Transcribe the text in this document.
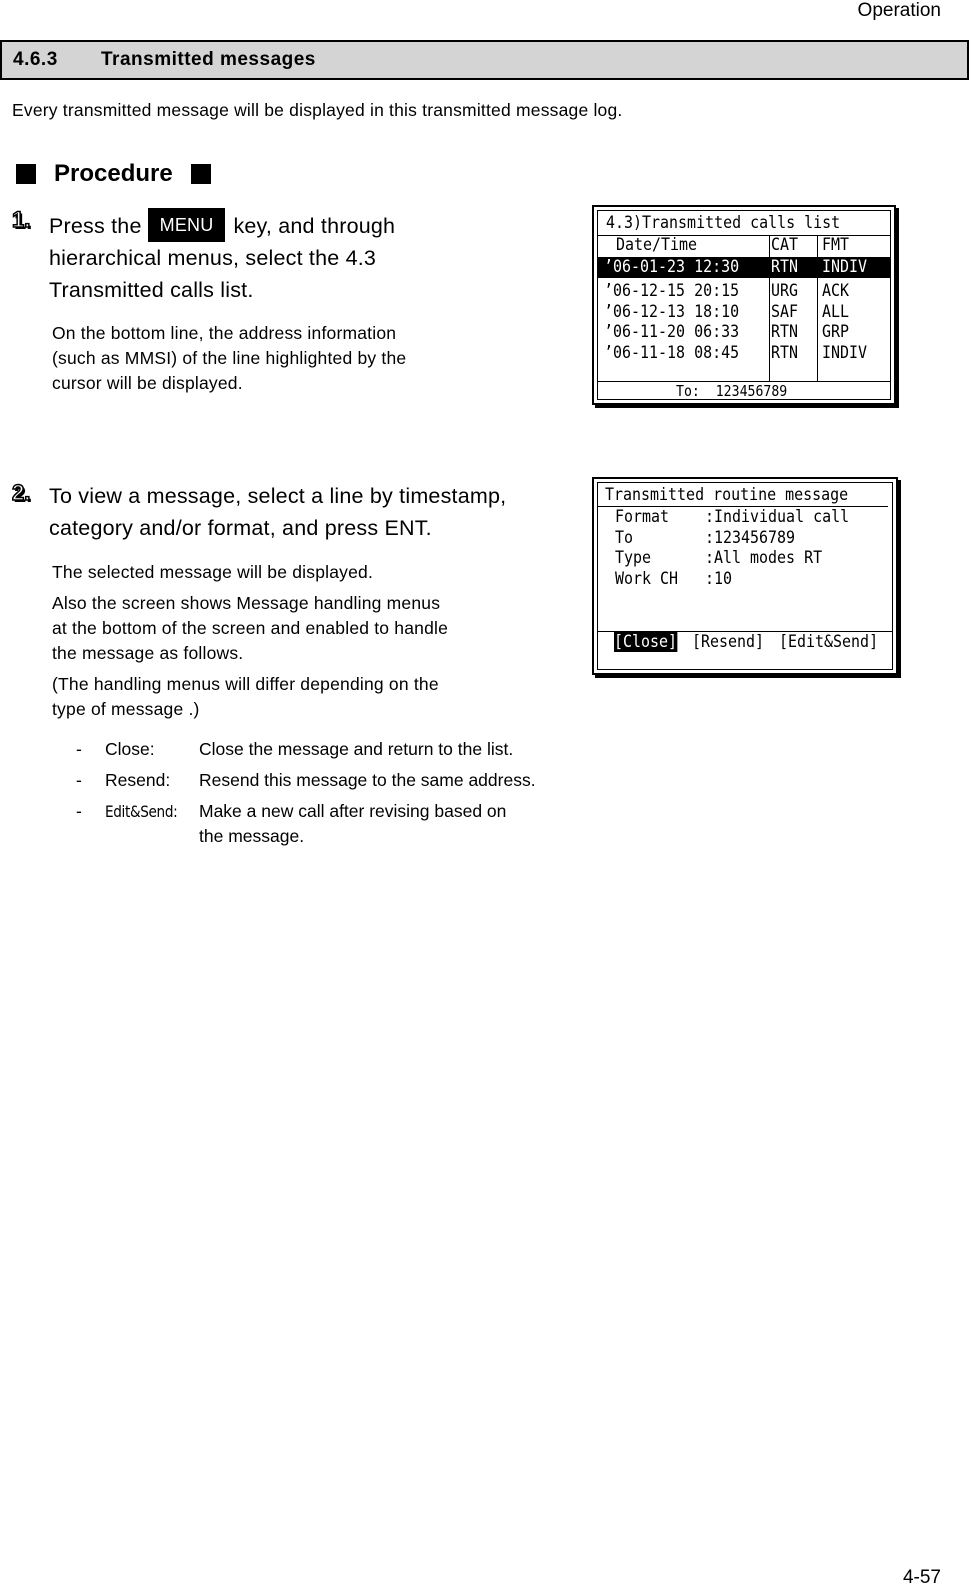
Operation
4-57
4.6.3	Transmitted messages
Every transmitted message will be displayed in this transmitted message log.
Procedure
1. Press the MENU key, and through
hierarchical menus, select the 4.3
Transmitted calls list.
On the bottom line, the address information
(such as MMSI) of the line highlighted by the
cursor will be displayed.
4.3)Transmitted calls list
Date/Time	CAT FMT
’06-01-23 12:30 RTN INDIV
’06-12-15 20:15 URG ACK
’06-12-13 18:10 SAF ALL
’06-11-20 06:33 RTN GRP
’06-11-18 08:45 RTN INDIV
To:  123456789
2. To view a message, select a line by timestamp,
category and/or format, and press ENT.
The selected message will be displayed.
Also the screen shows Message handling menus
at the bottom of the screen and enabled to handle
the message as follows.
(The handling menus will differ depending on the
type of message .)
- Close:	Close the message and return to the list.
- Resend: Resend this message to the same address.
- Edit&Send:	Make a new call after revising based on
the message.
Transmitted routine message
Format :Individual call
To	:123456789
Type	:All modes RT
Work CH :10
[Close] [Resend] [Edit&Send]
